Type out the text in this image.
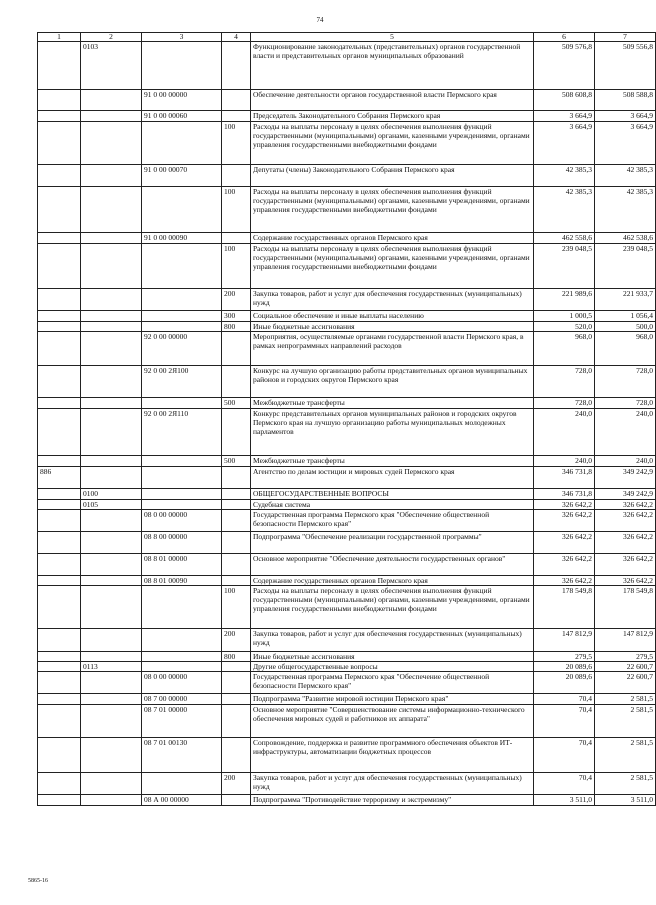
74
1	2	3	4	5	6	7
	0103			Функционирование законодательных (представительных) органов государственной власти и представительных органов муниципальных образований	509 576,8	509 556,8
		91 0 00 00000		Обеспечение деятельности органов государственной власти Пермского края	508 608,8	508 588,8
		91 0 00 00060		Председатель Законодательного Собрания Пермского края	3 664,9	3 664,9
			100	Расходы на выплаты персоналу в целях обеспечения выполнения функций государственными (муниципальными) органами, казенными учреждениями, органами управления государственными внебюджетными фондами	3 664,9	3 664,9
		91 0 00 00070		Депутаты (члены) Законодательного Собрания Пермского края	42 385,3	42 385,3
			100	Расходы на выплаты персоналу в целях обеспечения выполнения функций государственными (муниципальными) органами, казенными учреждениями, органами управления государственными внебюджетными фондами	42 385,3	42 385,3
		91 0 00 00090		Содержание государственных органов Пермского края	462 558,6	462 538,6
			100	Расходы на выплаты персоналу в целях обеспечения выполнения функций государственными (муниципальными) органами, казенными учреждениями, органами управления государственными внебюджетными фондами	239 048,5	239 048,5
			200	Закупка товаров, работ и услуг для обеспечения государственных (муниципальных) нужд	221 989,6	221 933,7
			300	Социальное обеспечение и иные выплаты населению	1 000,5	1 056,4
			800	Иные бюджетные ассигнования	520,0	500,0
		92 0 00 00000		Мероприятия, осуществляемые органами государственной власти Пермского края, в рамках непрограммных направлений расходов	968,0	968,0
		92 0 00 2Я100		Конкурс на лучшую организацию работы представительных органов муниципальных районов и городских округов Пермского края	728,0	728,0
			500	Межбюджетные трансферты	728,0	728,0
		92 0 00 2Я110		Конкурс представительных органов муниципальных районов и городских округов Пермского края на лучшую организацию работы муниципальных молодежных парламентов	240,0	240,0
			500	Межбюджетные трансферты	240,0	240,0
886				Агентство по делам юстиции и мировых судей Пермского края	346 731,8	349 242,9
	0100			ОБЩЕГОСУДАРСТВЕННЫЕ ВОПРОСЫ	346 731,8	349 242,9
	0105			Судебная система	326 642,2	326 642,2
		08 0 00 00000		Государственная программа Пермского края "Обеспечение общественной безопасности Пермского края"	326 642,2	326 642,2
		08 8 00 00000		Подпрограмма "Обеспечение реализации государственной программы"	326 642,2	326 642,2
		08 8 01 00000		Основное мероприятие "Обеспечение деятельности государственных органов"	326 642,2	326 642,2
		08 8 01 00090		Содержание государственных органов Пермского края	326 642,2	326 642,2
			100	Расходы на выплаты персоналу в целях обеспечения выполнения функций государственными (муниципальными) органами, казенными учреждениями, органами управления государственными внебюджетными фондами	178 549,8	178 549,8
			200	Закупка товаров, работ и услуг для обеспечения государственных (муниципальных) нужд	147 812,9	147 812,9
			800	Иные бюджетные ассигнования	279,5	279,5
	0113			Другие общегосударственные вопросы	20 089,6	22 600,7
		08 0 00 00000		Государственная программа Пермского края "Обеспечение общественной безопасности Пермского края"	20 089,6	22 600,7
		08 7 00 00000		Подпрограмма "Развитие мировой юстиции Пермского края"	70,4	2 581,5
		08 7 01 00000		Основное мероприятие "Совершенствование системы информационно-технического обеспечения мировых судей и работников их аппарата"	70,4	2 581,5
		08 7 01 00130		Сопровождение, поддержка и развитие программного обеспечения объектов ИТ-инфраструктуры, автоматизации бюджетных процессов	70,4	2 581,5
			200	Закупка товаров, работ и услуг для обеспечения государственных (муниципальных) нужд	70,4	2 581,5
		08 А 00 00000		Подпрограмма "Противодействие терроризму и экстремизму"	3 511,0	3 511,0
5865-16
